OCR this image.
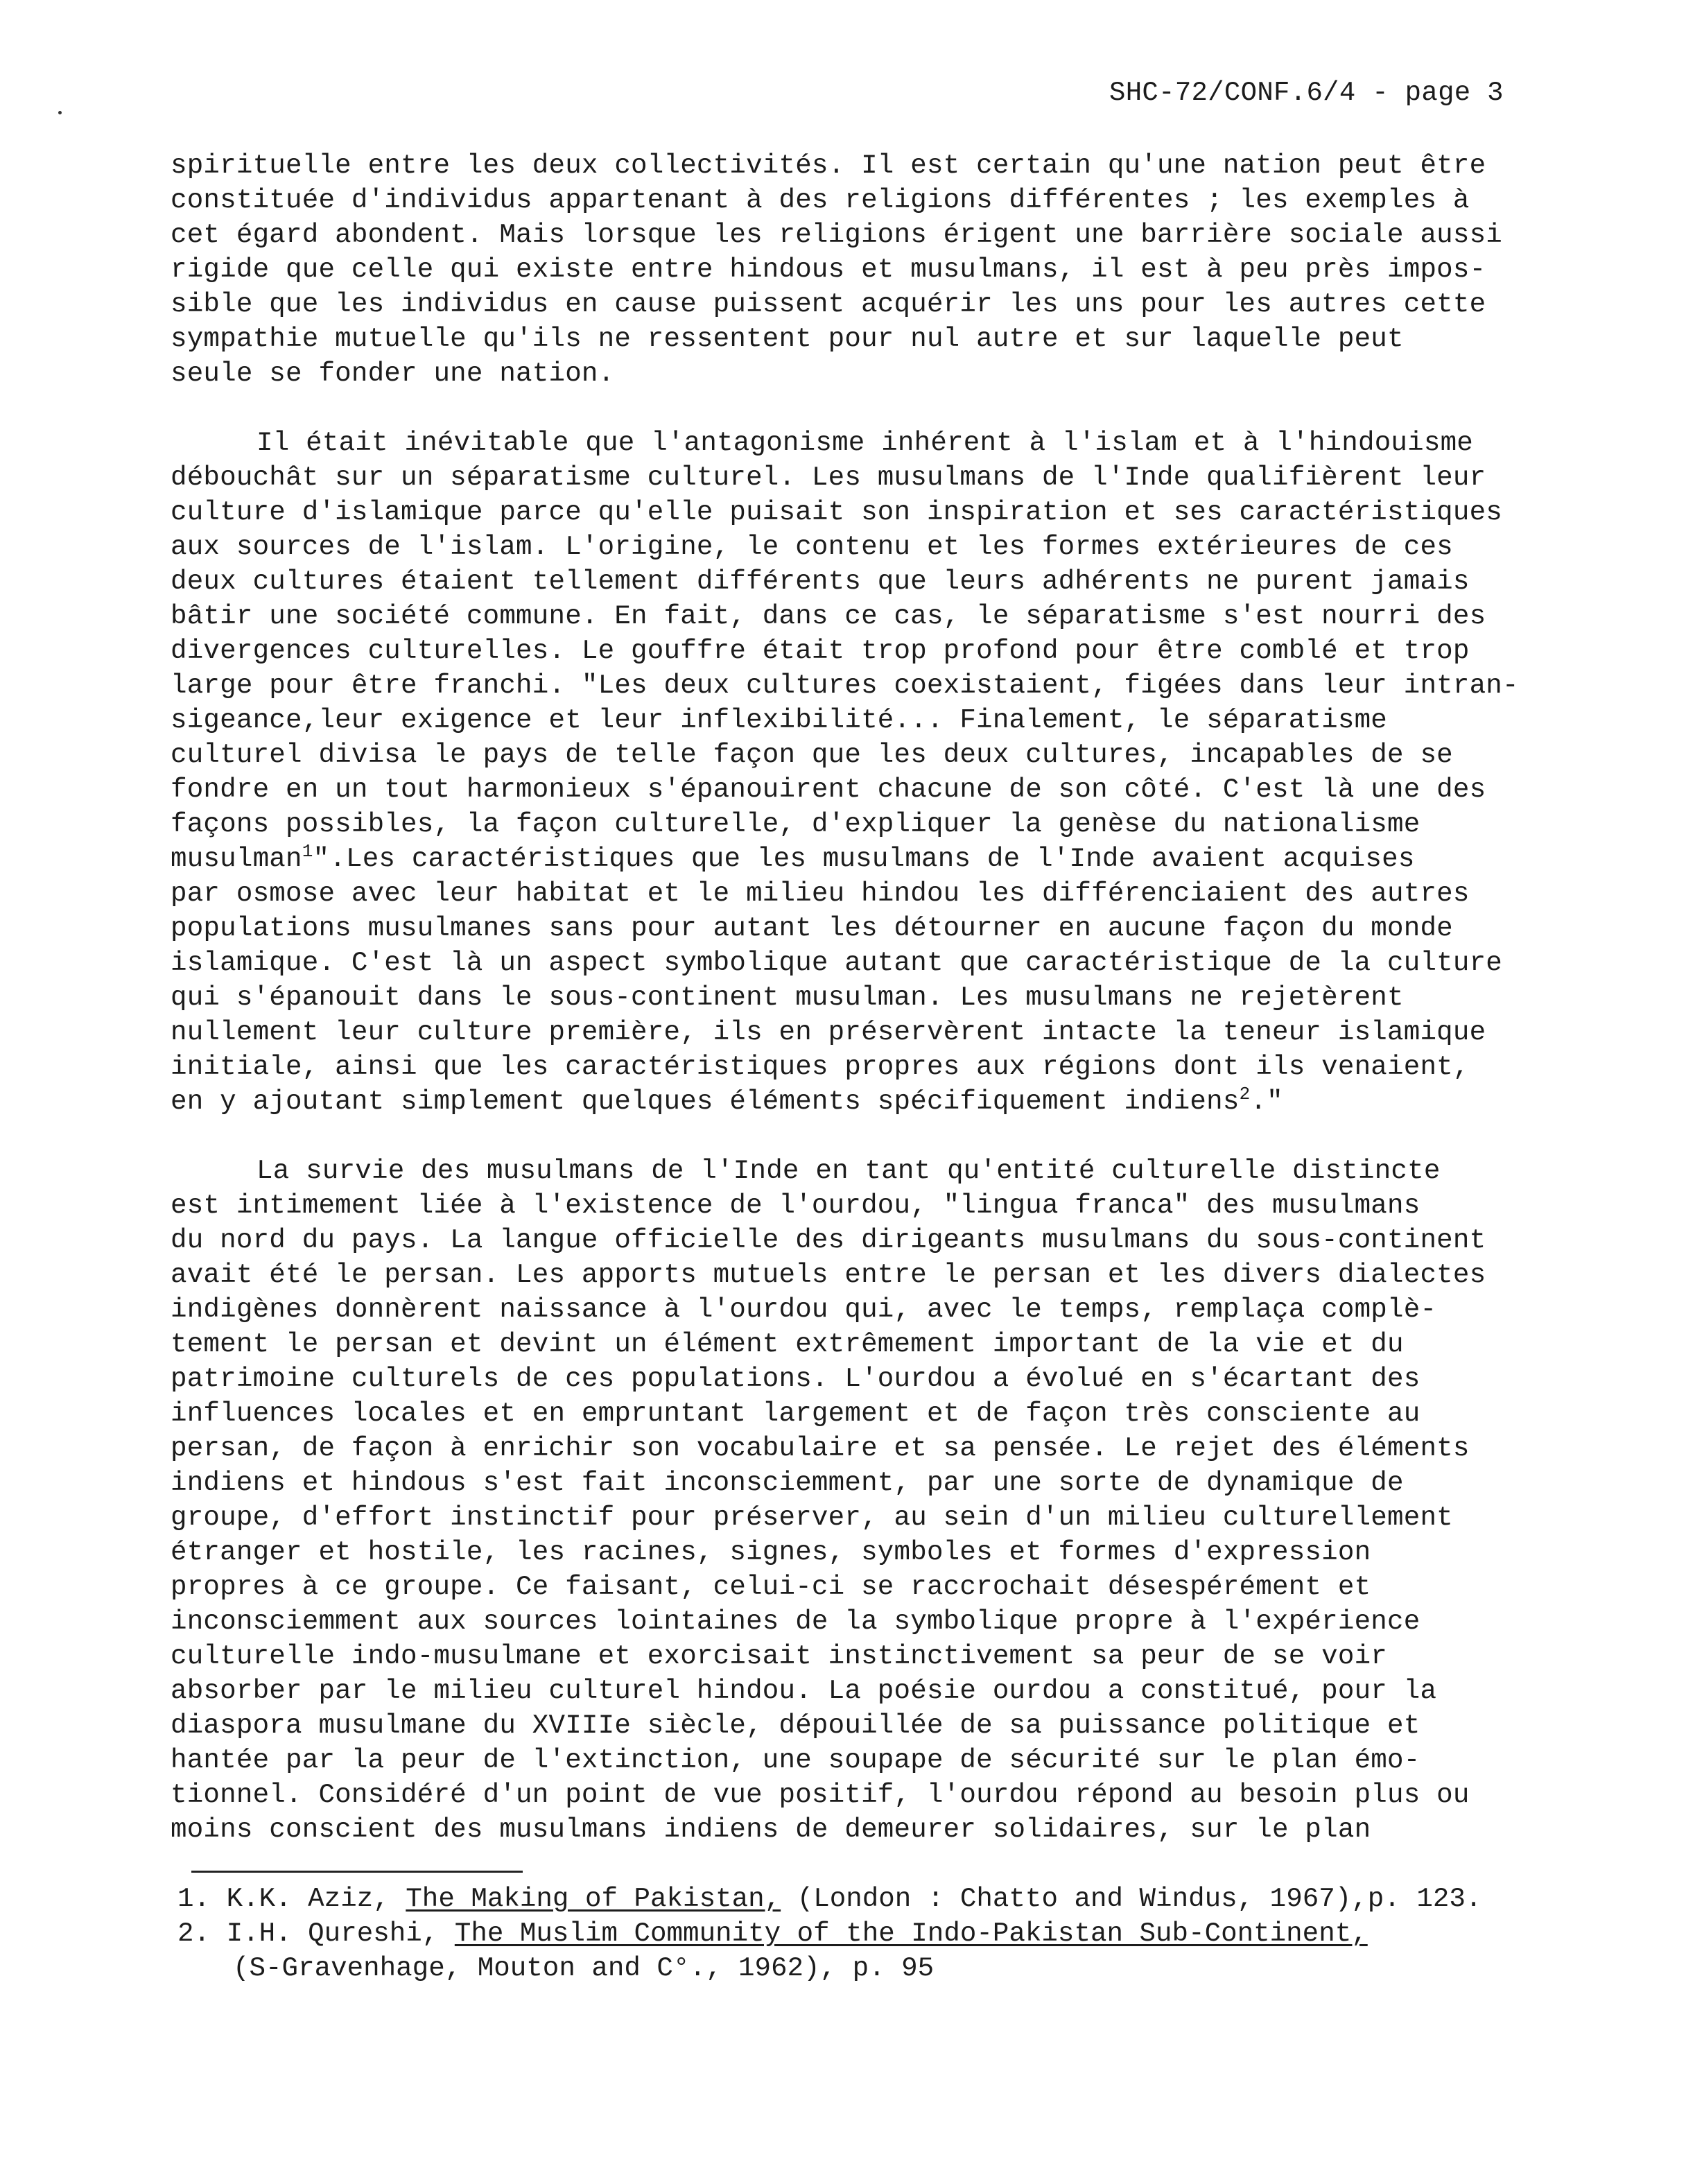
SHC-72/CONF.6/4 - page 3
spirituelle entre les deux collectivités. Il est certain qu'une nation peut être
constituée d'individus appartenant à des religions différentes ; les exemples à
cet égard abondent. Mais lorsque les religions érigent une barrière sociale aussi
rigide que celle qui existe entre hindous et musulmans, il est à peu près impos-
sible que les individus en cause puissent acquérir les uns pour les autres cette
sympathie mutuelle qu'ils ne ressentent pour nul autre et sur laquelle peut
seule se fonder une nation.
Il était inévitable que l'antagonisme inhérent à l'islam et à l'hindouisme
débouchât sur un séparatisme culturel. Les musulmans de l'Inde qualifièrent leur
culture d'islamique parce qu'elle puisait son inspiration et ses caractéristiques
aux sources de l'islam. L'origine, le contenu et les formes extérieures de ces
deux cultures étaient tellement différents que leurs adhérents ne purent jamais
bâtir une société commune. En fait, dans ce cas, le séparatisme s'est nourri des
divergences culturelles. Le gouffre était trop profond pour être comblé et trop
large pour être franchi. "Les deux cultures coexistaient, figées dans leur intran-
sigeance,leur exigence et leur inflexibilité... Finalement, le séparatisme
culturel divisa le pays de telle façon que les deux cultures, incapables de se
fondre en un tout harmonieux s'épanouirent chacune de son côté. C'est là une des
façons possibles, la façon culturelle, d'expliquer la genèse du nationalisme
musulman$^1$".Les caractéristiques que les musulmans de l'Inde avaient acquises
par osmose avec leur habitat et le milieu hindou les différenciaient des autres
populations musulmanes sans pour autant les détourner en aucune façon du monde
islamique. C'est là un aspect symbolique autant que caractéristique de la culture
qui s'épanouit dans le sous-continent musulman. Les musulmans ne rejetèrent
nullement leur culture première, ils en préservèrent intacte la teneur islamique
initiale, ainsi que les caractéristiques propres aux régions dont ils venaient,
en y ajoutant simplement quelques éléments spécifiquement indiens$^2$."
La survie des musulmans de l'Inde en tant qu'entité culturelle distincte
est intimement liée à l'existence de l'ourdou, "lingua franca" des musulmans
du nord du pays. La langue officielle des dirigeants musulmans du sous-continent
avait été le persan. Les apports mutuels entre le persan et les divers dialectes
indigènes donnèrent naissance à l'ourdou qui, avec le temps, remplaça complè-
tement le persan et devint un élément extrêmement important de la vie et du
patrimoine culturels de ces populations. L'ourdou a évolué en s'écartant des
influences locales et en empruntant largement et de façon très consciente au
persan, de façon à enrichir son vocabulaire et sa pensée. Le rejet des éléments
indiens et hindous s'est fait inconsciemment, par une sorte de dynamique de
groupe, d'effort instinctif pour préserver, au sein d'un milieu culturellement
étranger et hostile, les racines, signes, symboles et formes d'expression
propres à ce groupe. Ce faisant, celui-ci se raccrochait désespérément et
inconsciemment aux sources lointaines de la symbolique propre à l'expérience
culturelle indo-musulmane et exorcisait instinctivement sa peur de se voir
absorber par le milieu culturel hindou. La poésie ourdou a constitué, pour la
diaspora musulmane du XVIIIe siècle, dépouillée de sa puissance politique et
hantée par la peur de l'extinction, une soupape de sécurité sur le plan émo-
tionnel. Considéré d'un point de vue positif, l'ourdou répond au besoin plus ou
moins conscient des musulmans indiens de demeurer solidaires, sur le plan
1. K.K. Aziz, The Making of Pakistan, (London : Chatto and Windus, 1967),p. 123.
2. I.H. Qureshi, The Muslim Community of the Indo-Pakistan Sub-Continent,
(S-Gravenhage, Mouton and C°., 1962), p. 95
